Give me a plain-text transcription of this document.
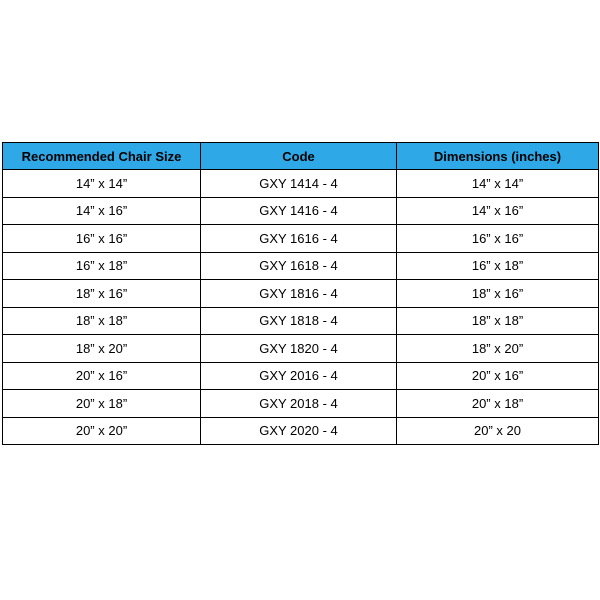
Recommended Chair Size	Code	Dimensions (inches)
14” x 14”	GXY 1414 - 4	14” x 14”
14” x 16”	GXY 1416 - 4	14” x 16”
16” x 16”	GXY 1616 - 4	16” x 16”
16” x 18”	GXY 1618 - 4	16” x 18”
18” x 16”	GXY 1816 - 4	18” x 16”
18” x 18”	GXY 1818 - 4	18” x 18”
18” x 20”	GXY 1820 - 4	18” x 20”
20” x 16”	GXY 2016 - 4	20” x 16”
20” x 18”	GXY 2018 - 4	20” x 18”
20” x 20”	GXY 2020 - 4	20” x 20
